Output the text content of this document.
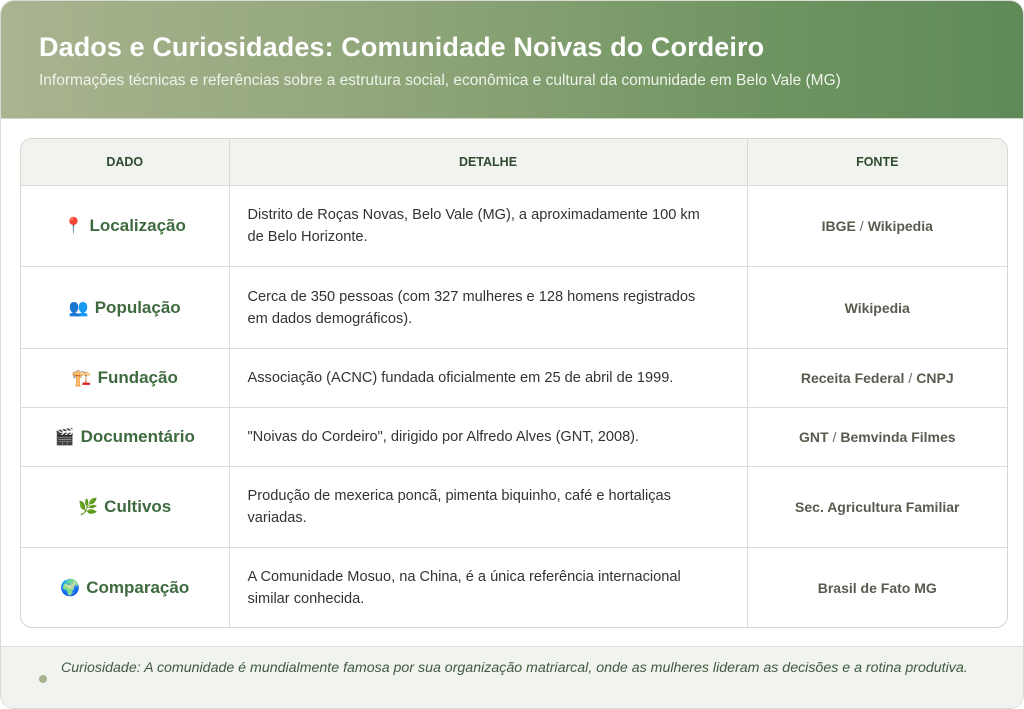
Dados e Curiosidades: Comunidade Noivas do Cordeiro
Informações técnicas e referências sobre a estrutura social, econômica e cultural da comunidade em Belo Vale (MG)
DADO	DETALHE	FONTE
📍 Localização	Distrito de Roças Novas, Belo Vale (MG), a aproximadamente 100 km de Belo Horizonte.	IBGE / Wikipedia
👥 População	Cerca de 350 pessoas (com 327 mulheres e 128 homens registrados em dados demográficos).	Wikipedia
🏗️ Fundação	Associação (ACNC) fundada oficialmente em 25 de abril de 1999.	Receita Federal / CNPJ
🎬 Documentário	"Noivas do Cordeiro", dirigido por Alfredo Alves (GNT, 2008).	GNT / Bemvinda Filmes
🌿 Cultivos	Produção de mexerica poncã, pimenta biquinho, café e hortaliças variadas.	Sec. Agricultura Familiar
🌍 Comparação	A Comunidade Mosuo, na China, é a única referência internacional similar conhecida.	Brasil de Fato MG
Curiosidade: A comunidade é mundialmente famosa por sua organização matriarcal, onde as mulheres lideram as decisões e a rotina produtiva.
